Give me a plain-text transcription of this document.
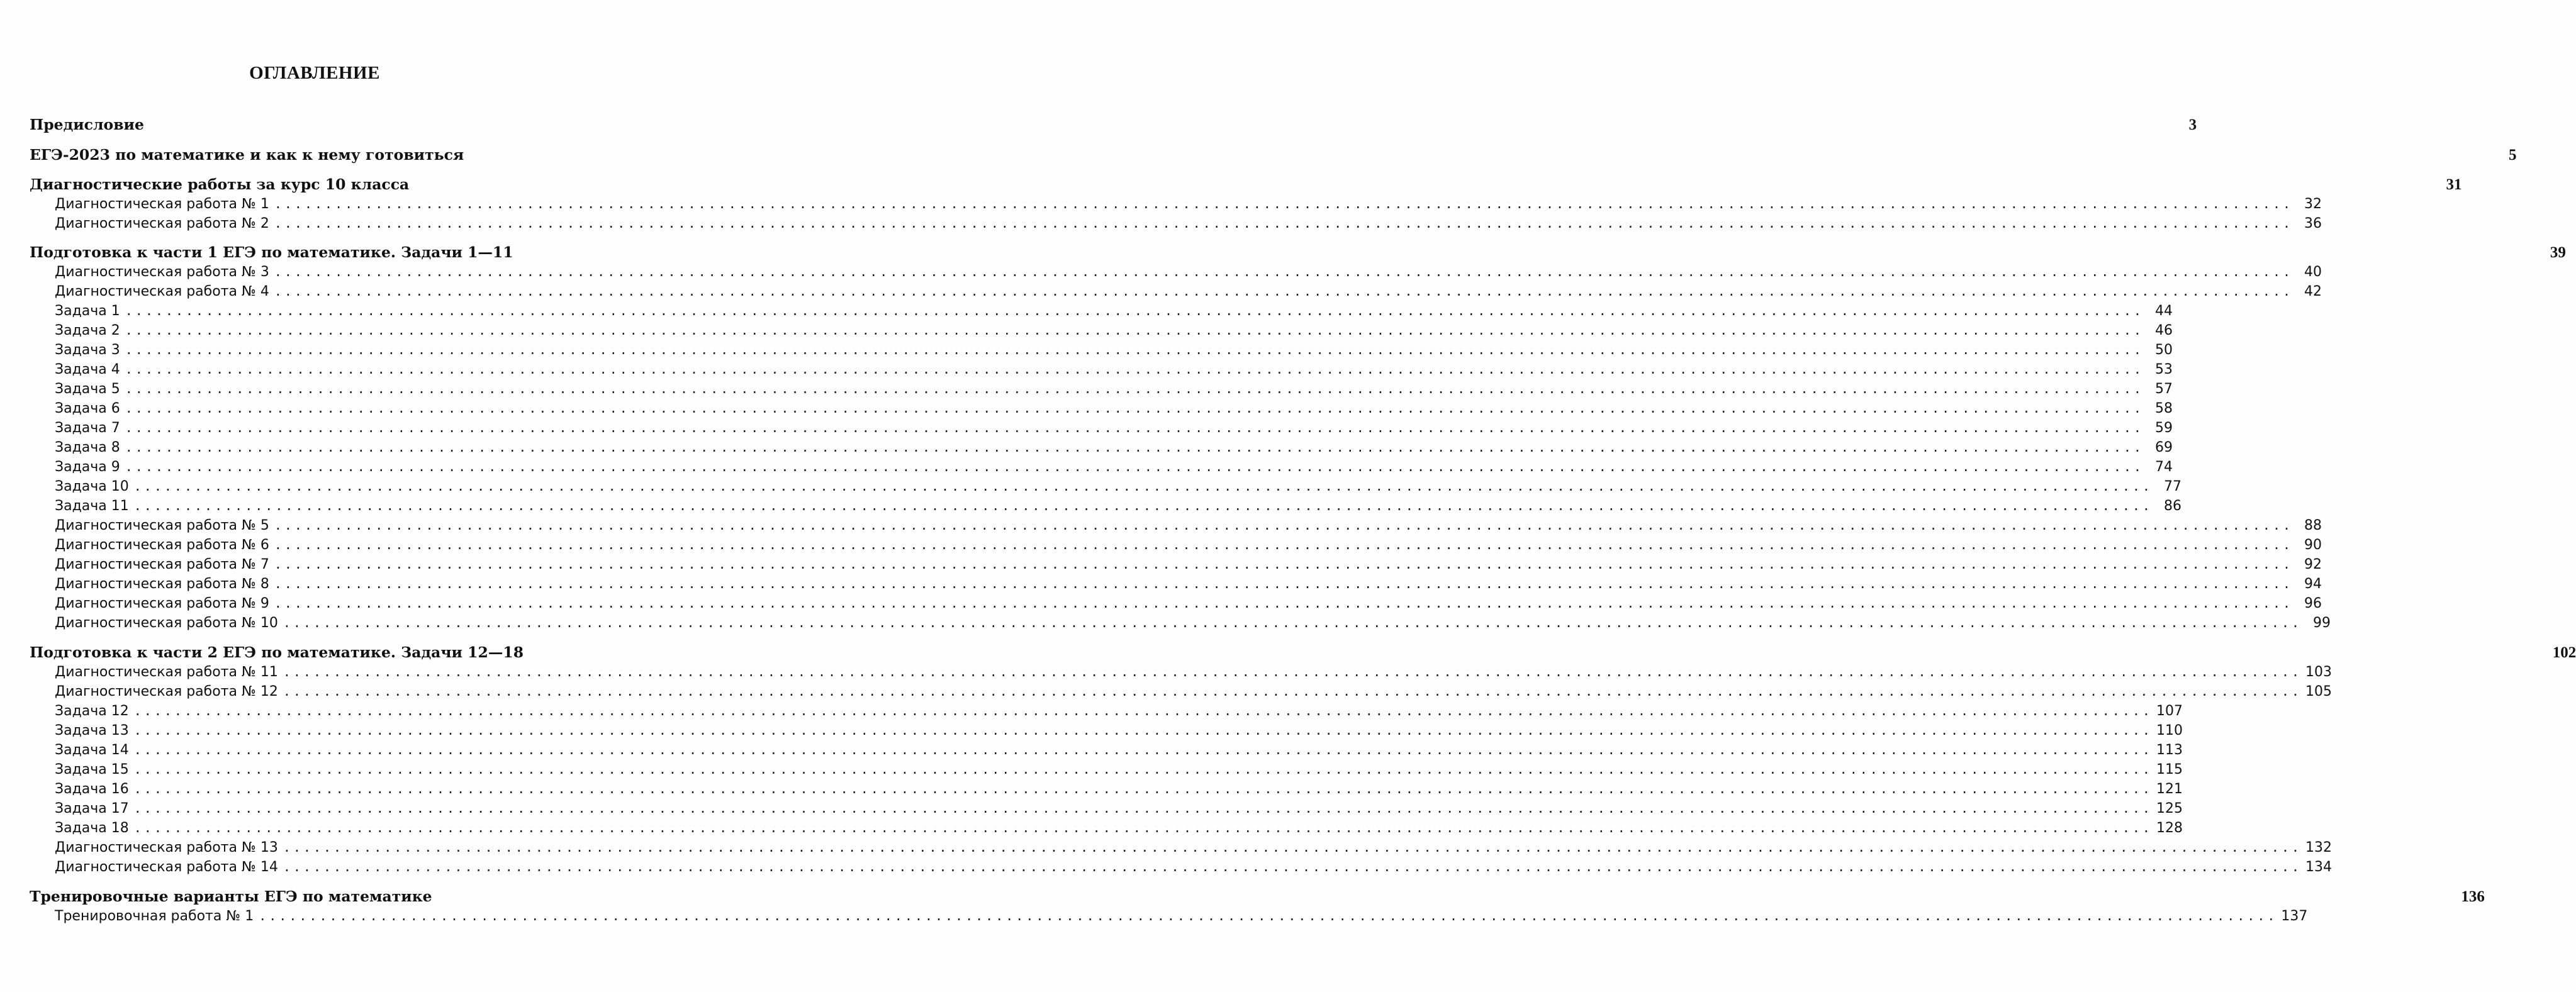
ОГЛАВЛЕНИЕ
Предисловие	3
ЕГЭ-2023 по математике и как к нему готовиться	5
Диагностические работы за курс 10 класса	31
Диагностическая работа № 1 ........................................................................................................................................................................................................ 32
Диагностическая работа № 2 ........................................................................................................................................................................................................ 36
Подготовка к части 1 ЕГЭ по математике. Задачи 1—11	39
Диагностическая работа № 3 ........................................................................................................................................................................................................ 40
Диагностическая работа № 4 ........................................................................................................................................................................................................ 42
Задача 1 ........................................................................................................................................................................................................ 44
Задача 2 ........................................................................................................................................................................................................ 46
Задача 3 ........................................................................................................................................................................................................ 50
Задача 4 ........................................................................................................................................................................................................ 53
Задача 5 ........................................................................................................................................................................................................ 57
Задача 6 ........................................................................................................................................................................................................ 58
Задача 7 ........................................................................................................................................................................................................ 59
Задача 8 ........................................................................................................................................................................................................ 69
Задача 9 ........................................................................................................................................................................................................ 74
Задача 10 ........................................................................................................................................................................................................ 77
Задача 11 ........................................................................................................................................................................................................ 86
Диагностическая работа № 5 ........................................................................................................................................................................................................ 88
Диагностическая работа № 6 ........................................................................................................................................................................................................ 90
Диагностическая работа № 7 ........................................................................................................................................................................................................ 92
Диагностическая работа № 8 ........................................................................................................................................................................................................ 94
Диагностическая работа № 9 ........................................................................................................................................................................................................ 96
Диагностическая работа № 10 ........................................................................................................................................................................................................ 99
Подготовка к части 2 ЕГЭ по математике. Задачи 12—18	102
Диагностическая работа № 11 ........................................................................................................................................................................................................ 103
Диагностическая работа № 12 ........................................................................................................................................................................................................ 105
Задача 12 ........................................................................................................................................................................................................ 107
Задача 13 ........................................................................................................................................................................................................ 110
Задача 14 ........................................................................................................................................................................................................ 113
Задача 15 ........................................................................................................................................................................................................ 115
Задача 16 ........................................................................................................................................................................................................ 121
Задача 17 ........................................................................................................................................................................................................ 125
Задача 18 ........................................................................................................................................................................................................ 128
Диагностическая работа № 13 ........................................................................................................................................................................................................ 132
Диагностическая работа № 14 ........................................................................................................................................................................................................ 134
Тренировочные варианты ЕГЭ по математике	136
Тренировочная работа № 1 ........................................................................................................................................................................................................ 137
